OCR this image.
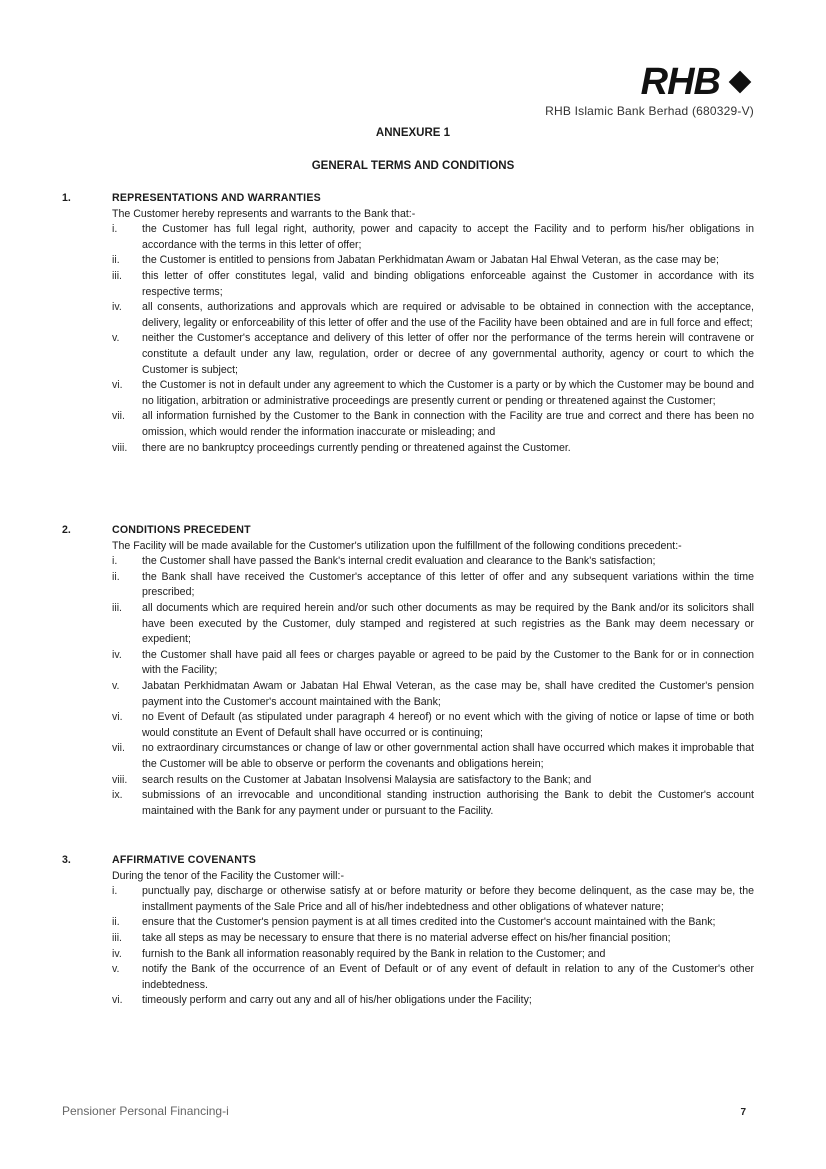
RHB
RHB Islamic Bank Berhad (680329-V)
ANNEXURE 1
GENERAL TERMS AND CONDITIONS
1.	REPRESENTATIONS AND WARRANTIES
The Customer hereby represents and warrants to the Bank that:-
i.	the Customer has full legal right, authority, power and capacity to accept the Facility and to perform his/her obligations in accordance with the terms in this letter of offer;
ii.	the Customer is entitled to pensions from Jabatan Perkhidmatan Awam or Jabatan Hal Ehwal Veteran, as the case may be;
iii.	this letter of offer constitutes legal, valid and binding obligations enforceable against the Customer in accordance with its respective terms;
iv.	all consents, authorizations and approvals which are required or advisable to be obtained in connection with the acceptance, delivery, legality or enforceability of this letter of offer and the use of the Facility have been obtained and are in full force and effect;
v.	neither the Customer's acceptance and delivery of this letter of offer nor the performance of the terms herein will contravene or constitute a default under any law, regulation, order or decree of any governmental authority, agency or court to which the Customer is subject;
vi.	the Customer is not in default under any agreement to which the Customer is a party or by which the Customer may be bound and no litigation, arbitration or administrative proceedings are presently current or pending or threatened against the Customer;
vii.	all information furnished by the Customer to the Bank in connection with the Facility are true and correct and there has been no omission, which would render the information inaccurate or misleading; and
viii.	there are no bankruptcy proceedings currently pending or threatened against the Customer.
2.	CONDITIONS PRECEDENT
The Facility will be made available for the Customer's utilization upon the fulfillment of the following conditions precedent:-
i.	the Customer shall have passed the Bank's internal credit evaluation and clearance to the Bank's satisfaction;
ii.	the Bank shall have received the Customer's acceptance of this letter of offer and any subsequent variations within the time prescribed;
iii.	all documents which are required herein and/or such other documents as may be required by the Bank and/or its solicitors shall have been executed by the Customer, duly stamped and registered at such registries as the Bank may deem necessary or expedient;
iv.	the Customer shall have paid all fees or charges payable or agreed to be paid by the Customer to the Bank for or in connection with the Facility;
v.	Jabatan Perkhidmatan Awam or Jabatan Hal Ehwal Veteran, as the case may be, shall have credited the Customer's pension payment into the Customer's account maintained with the Bank;
vi.	no Event of Default (as stipulated under paragraph 4 hereof) or no event which with the giving of notice or lapse of time or both would constitute an Event of Default shall have occurred or is continuing;
vii.	no extraordinary circumstances or change of law or other governmental action shall have occurred which makes it improbable that the Customer will be able to observe or perform the covenants and obligations herein;
viii.	search results on the Customer at Jabatan Insolvensi Malaysia are satisfactory to the Bank; and
ix.	submissions of an irrevocable and unconditional standing instruction authorising the Bank to debit the Customer's account maintained with the Bank for any payment under or pursuant to the Facility.
3.	AFFIRMATIVE COVENANTS
During the tenor of the Facility the Customer will:-
i.	punctually pay, discharge or otherwise satisfy at or before maturity or before they become delinquent, as the case may be, the installment payments of the Sale Price and all of his/her indebtedness and other obligations of whatever nature;
ii.	ensure that the Customer's pension payment is at all times credited into the Customer's account maintained with the Bank;
iii.	take all steps as may be necessary to ensure that there is no material adverse effect on his/her financial position;
iv.	furnish to the Bank all information reasonably required by the Bank in relation to the Customer; and
v.	notify the Bank of the occurrence of an Event of Default or of any event of default in relation to any of the Customer's other indebtedness.
vi.	timeously perform and carry out any and all of his/her obligations under the Facility;
Pensioner Personal Financing-i	7
